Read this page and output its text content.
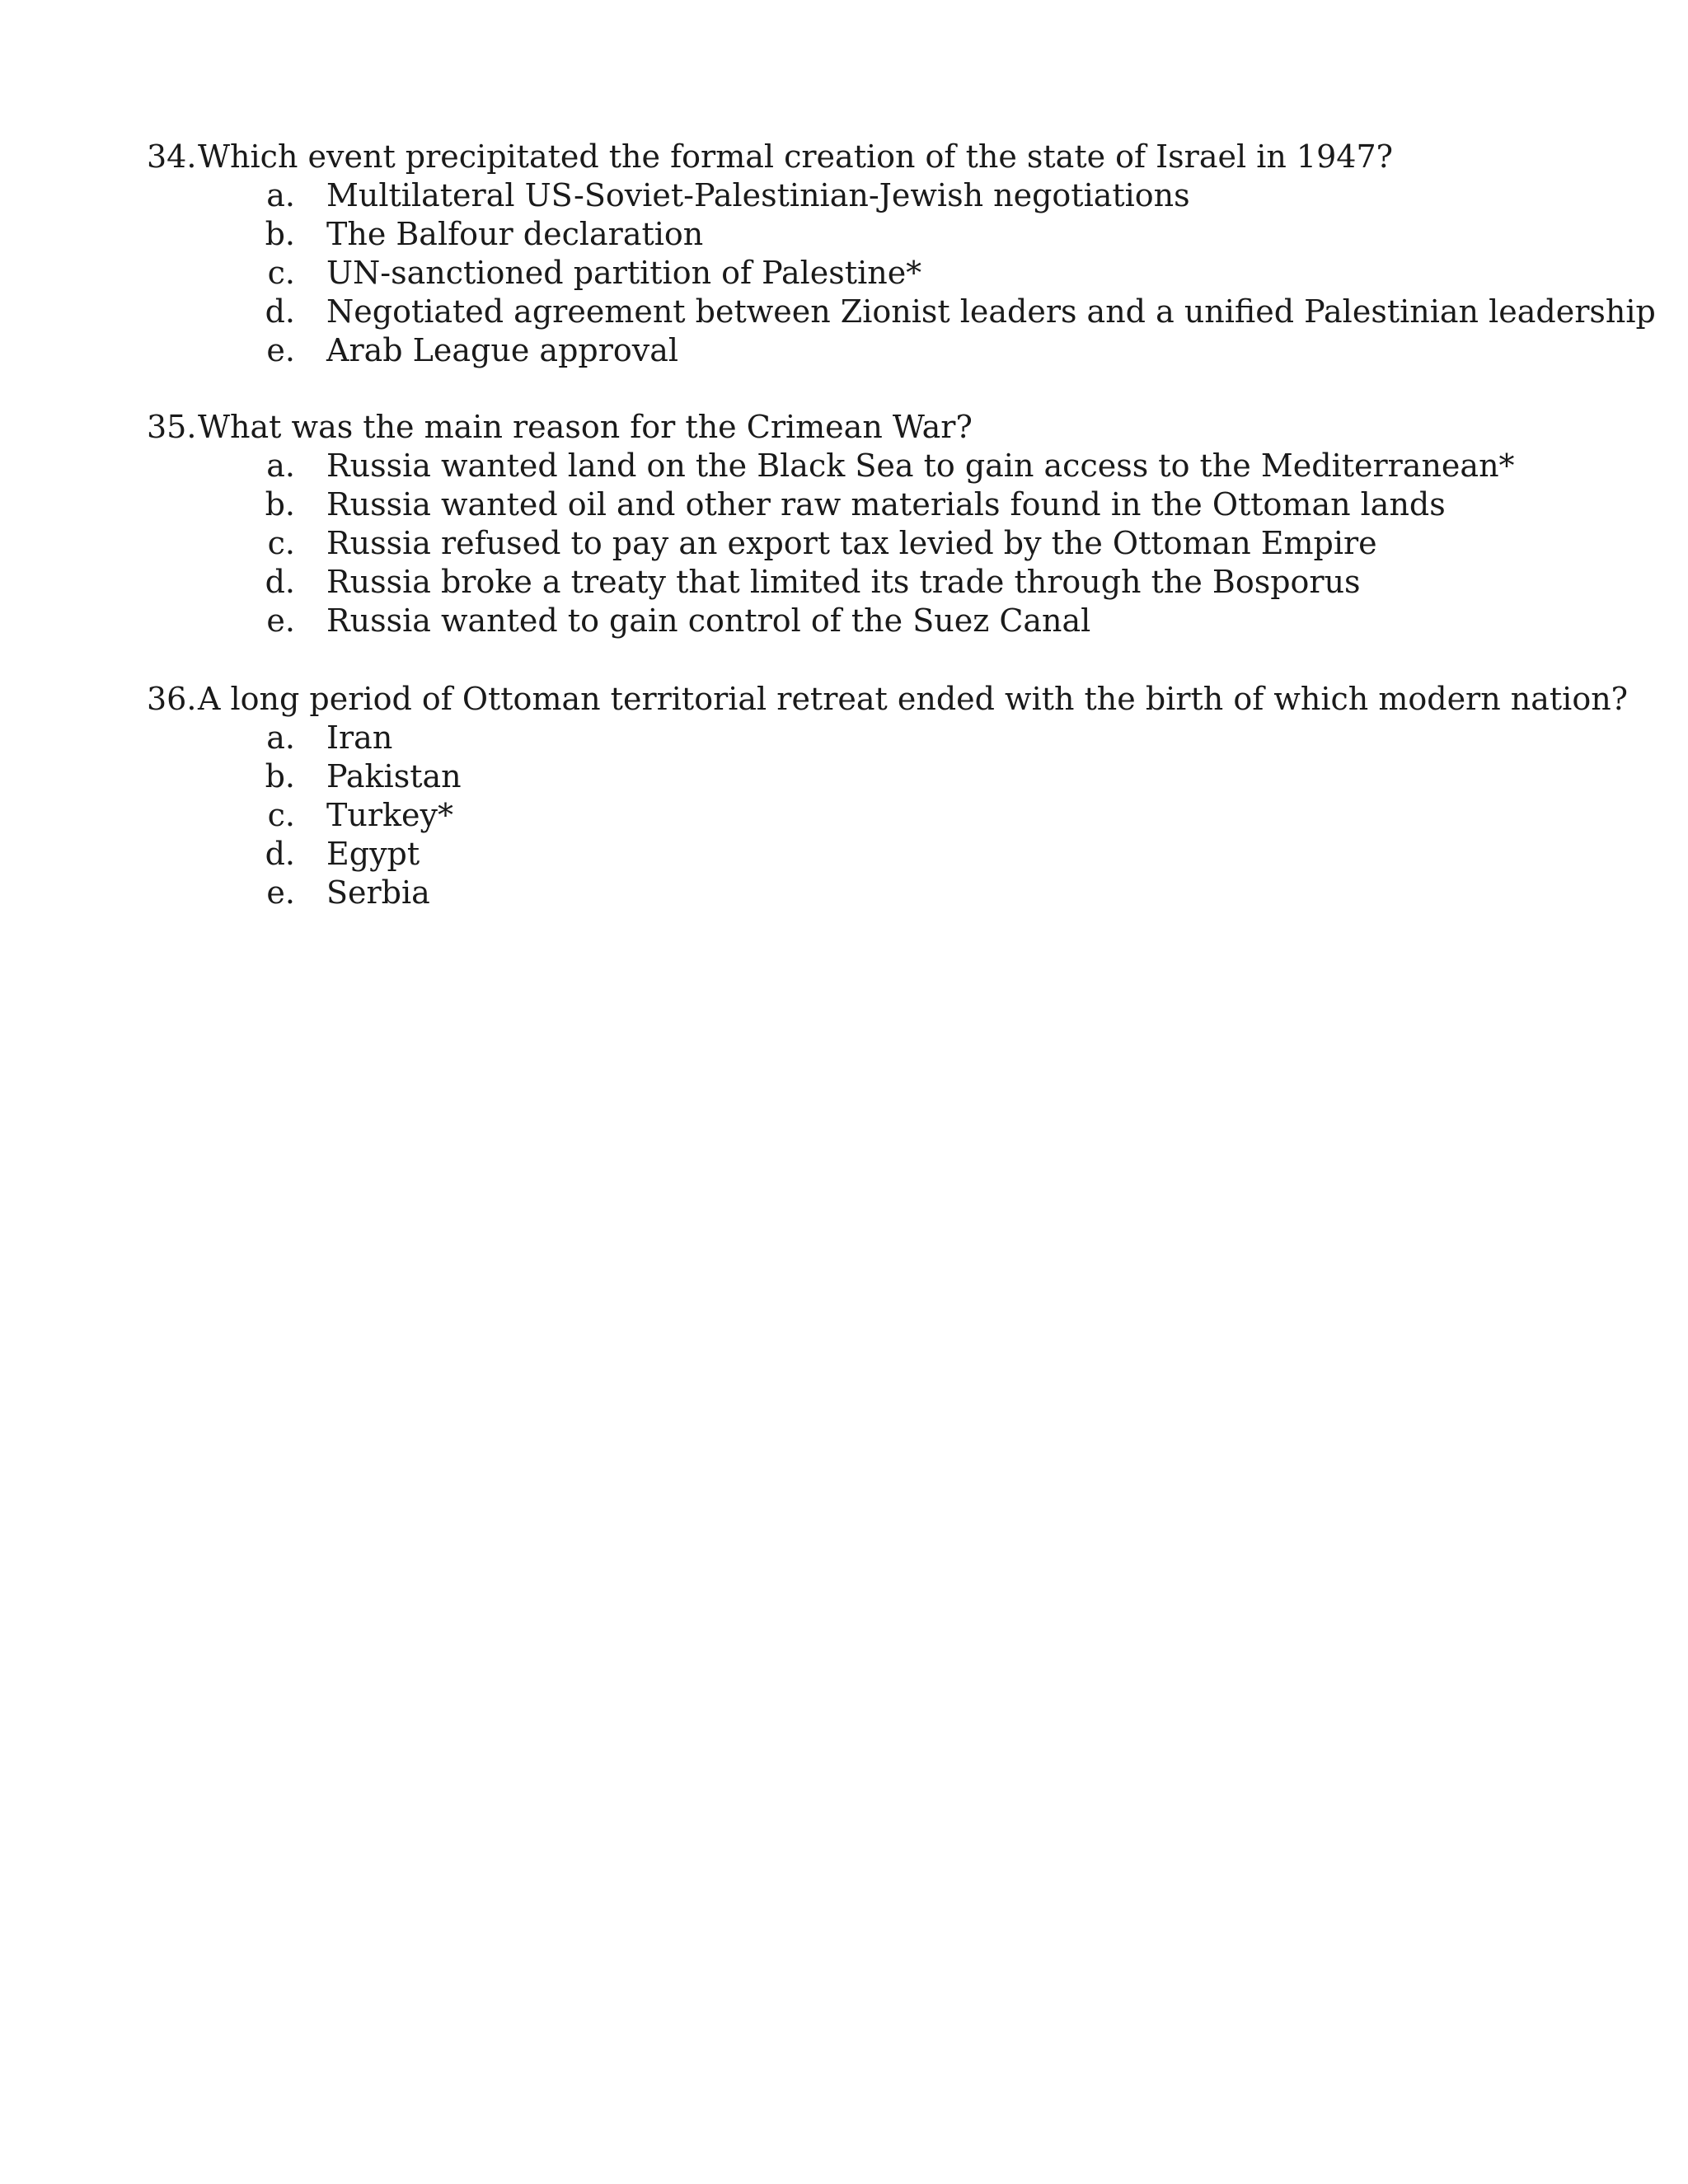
34. Which event precipitated the formal creation of the state of Israel in 1947?
a. Multilateral US-Soviet-Palestinian-Jewish negotiations
b. The Balfour declaration
c. UN-sanctioned partition of Palestine*
d. Negotiated agreement between Zionist leaders and a unified Palestinian leadership
e. Arab League approval
35. What was the main reason for the Crimean War?
a. Russia wanted land on the Black Sea to gain access to the Mediterranean*
b. Russia wanted oil and other raw materials found in the Ottoman lands
c. Russia refused to pay an export tax levied by the Ottoman Empire
d. Russia broke a treaty that limited its trade through the Bosporus
e. Russia wanted to gain control of the Suez Canal
36. A long period of Ottoman territorial retreat ended with the birth of which modern nation?
a. Iran
b. Pakistan
c. Turkey*
d. Egypt
e. Serbia
